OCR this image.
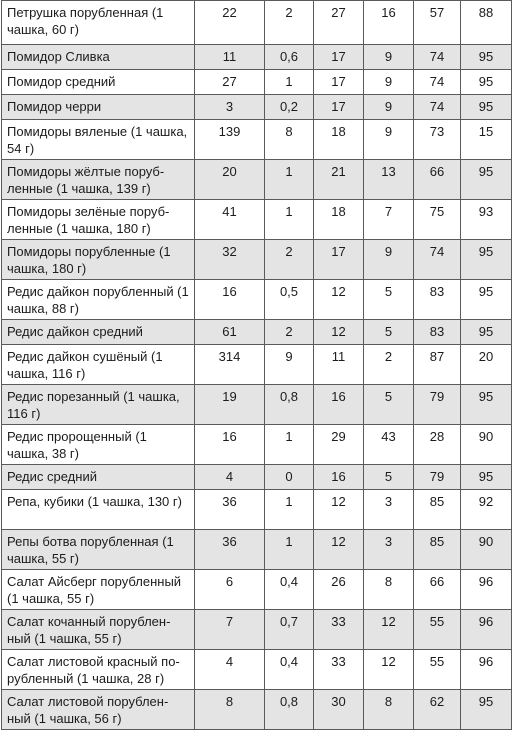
Петрушка порубленная (1 чашка, 60 г)	22	2	27	16	57	88
Помидор Сливка	11	0,6	17	9	74	95
Помидор средний	27	1	17	9	74	95
Помидор черри	3	0,2	17	9	74	95
Помидоры вяленые (1 чашка, 54 г)	139	8	18	9	73	15
Помидоры жёлтые поруб-ленные (1 чашка, 139 г)	20	1	21	13	66	95
Помидоры зелёные поруб-ленные (1 чашка, 180 г)	41	1	18	7	75	93
Помидоры порубленные (1 чашка, 180 г)	32	2	17	9	74	95
Редис дайкон порубленный (1 чашка, 88 г)	16	0,5	12	5	83	95
Редис дайкон средний	61	2	12	5	83	95
Редис дайкон сушёный (1 чашка, 116 г)	314	9	11	2	87	20
Редис порезанный (1 чашка, 116 г)	19	0,8	16	5	79	95
Редис пророщенный (1 чашка, 38 г)	16	1	29	43	28	90
Редис средний	4	0	16	5	79	95
Репа, кубики (1 чашка, 130 г)	36	1	12	3	85	92
Репы ботва порубленная (1 чашка, 55 г)	36	1	12	3	85	90
Салат Айсберг порубленный (1 чашка, 55 г)	6	0,4	26	8	66	96
Салат кочанный порублен-ный (1 чашка, 55 г)	7	0,7	33	12	55	96
Салат листовой красный по-рубленный (1 чашка, 28 г)	4	0,4	33	12	55	96
Салат листовой порублен-ный (1 чашка, 56 г)	8	0,8	30	8	62	95
